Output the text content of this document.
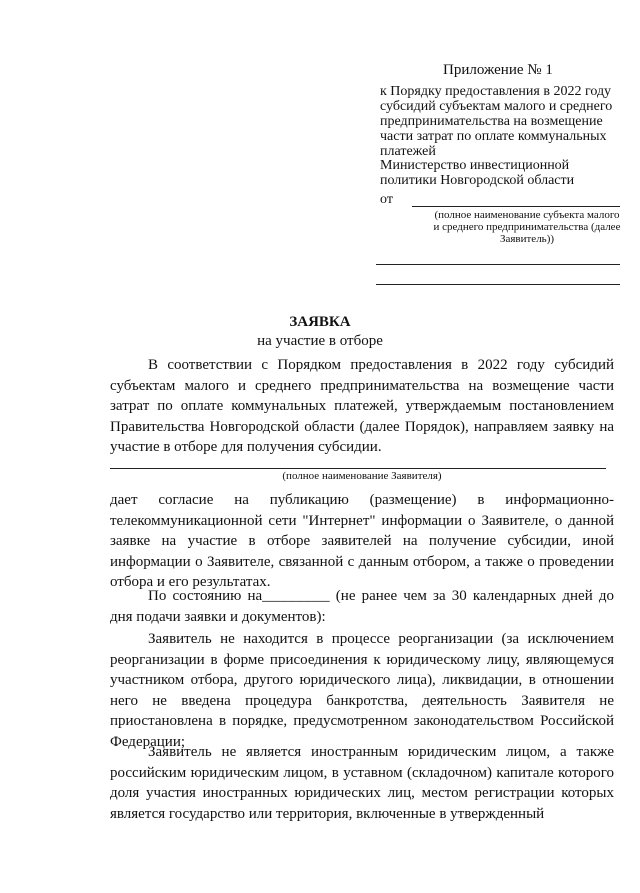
Приложение № 1
к Порядку предоставления в 2022 году субсидий субъектам малого и среднего предпринимательства на возмещение части затрат по оплате коммунальных платежей
Министерство инвестиционной политики Новгородской области
от
(полное наименование субъекта малого и среднего предпринимательства (далее Заявитель))
ЗАЯВКА
на участие в отборе
В соответствии с Порядком предоставления в 2022 году субсидий субъектам малого и среднего предпринимательства на возмещение части затрат по оплате коммунальных платежей, утверждаемым постановлением Правительства Новгородской области (далее Порядок), направляем заявку на участие в отборе для получения субсидии.
(полное наименование Заявителя)
дает согласие на публикацию (размещение) в информационно-телекоммуникационной сети "Интернет" информации о Заявителе, о данной заявке на участие в отборе заявителей на получение субсидии, иной информации о Заявителе, связанной с данным отбором, а также о проведении отбора и его результатах.
По состоянию на_________ (не ранее чем за 30 календарных дней до дня подачи заявки и документов):
Заявитель не находится в процессе реорганизации (за исключением реорганизации в форме присоединения к юридическому лицу, являющемуся участником отбора, другого юридического лица), ликвидации, в отношении него не введена процедура банкротства, деятельность Заявителя не приостановлена в порядке, предусмотренном законодательством Российской Федерации;
Заявитель не является иностранным юридическим лицом, а также российским юридическим лицом, в уставном (складочном) капитале которого доля участия иностранных юридических лиц, местом регистрации которых является государство или территория, включенные в утвержденный
